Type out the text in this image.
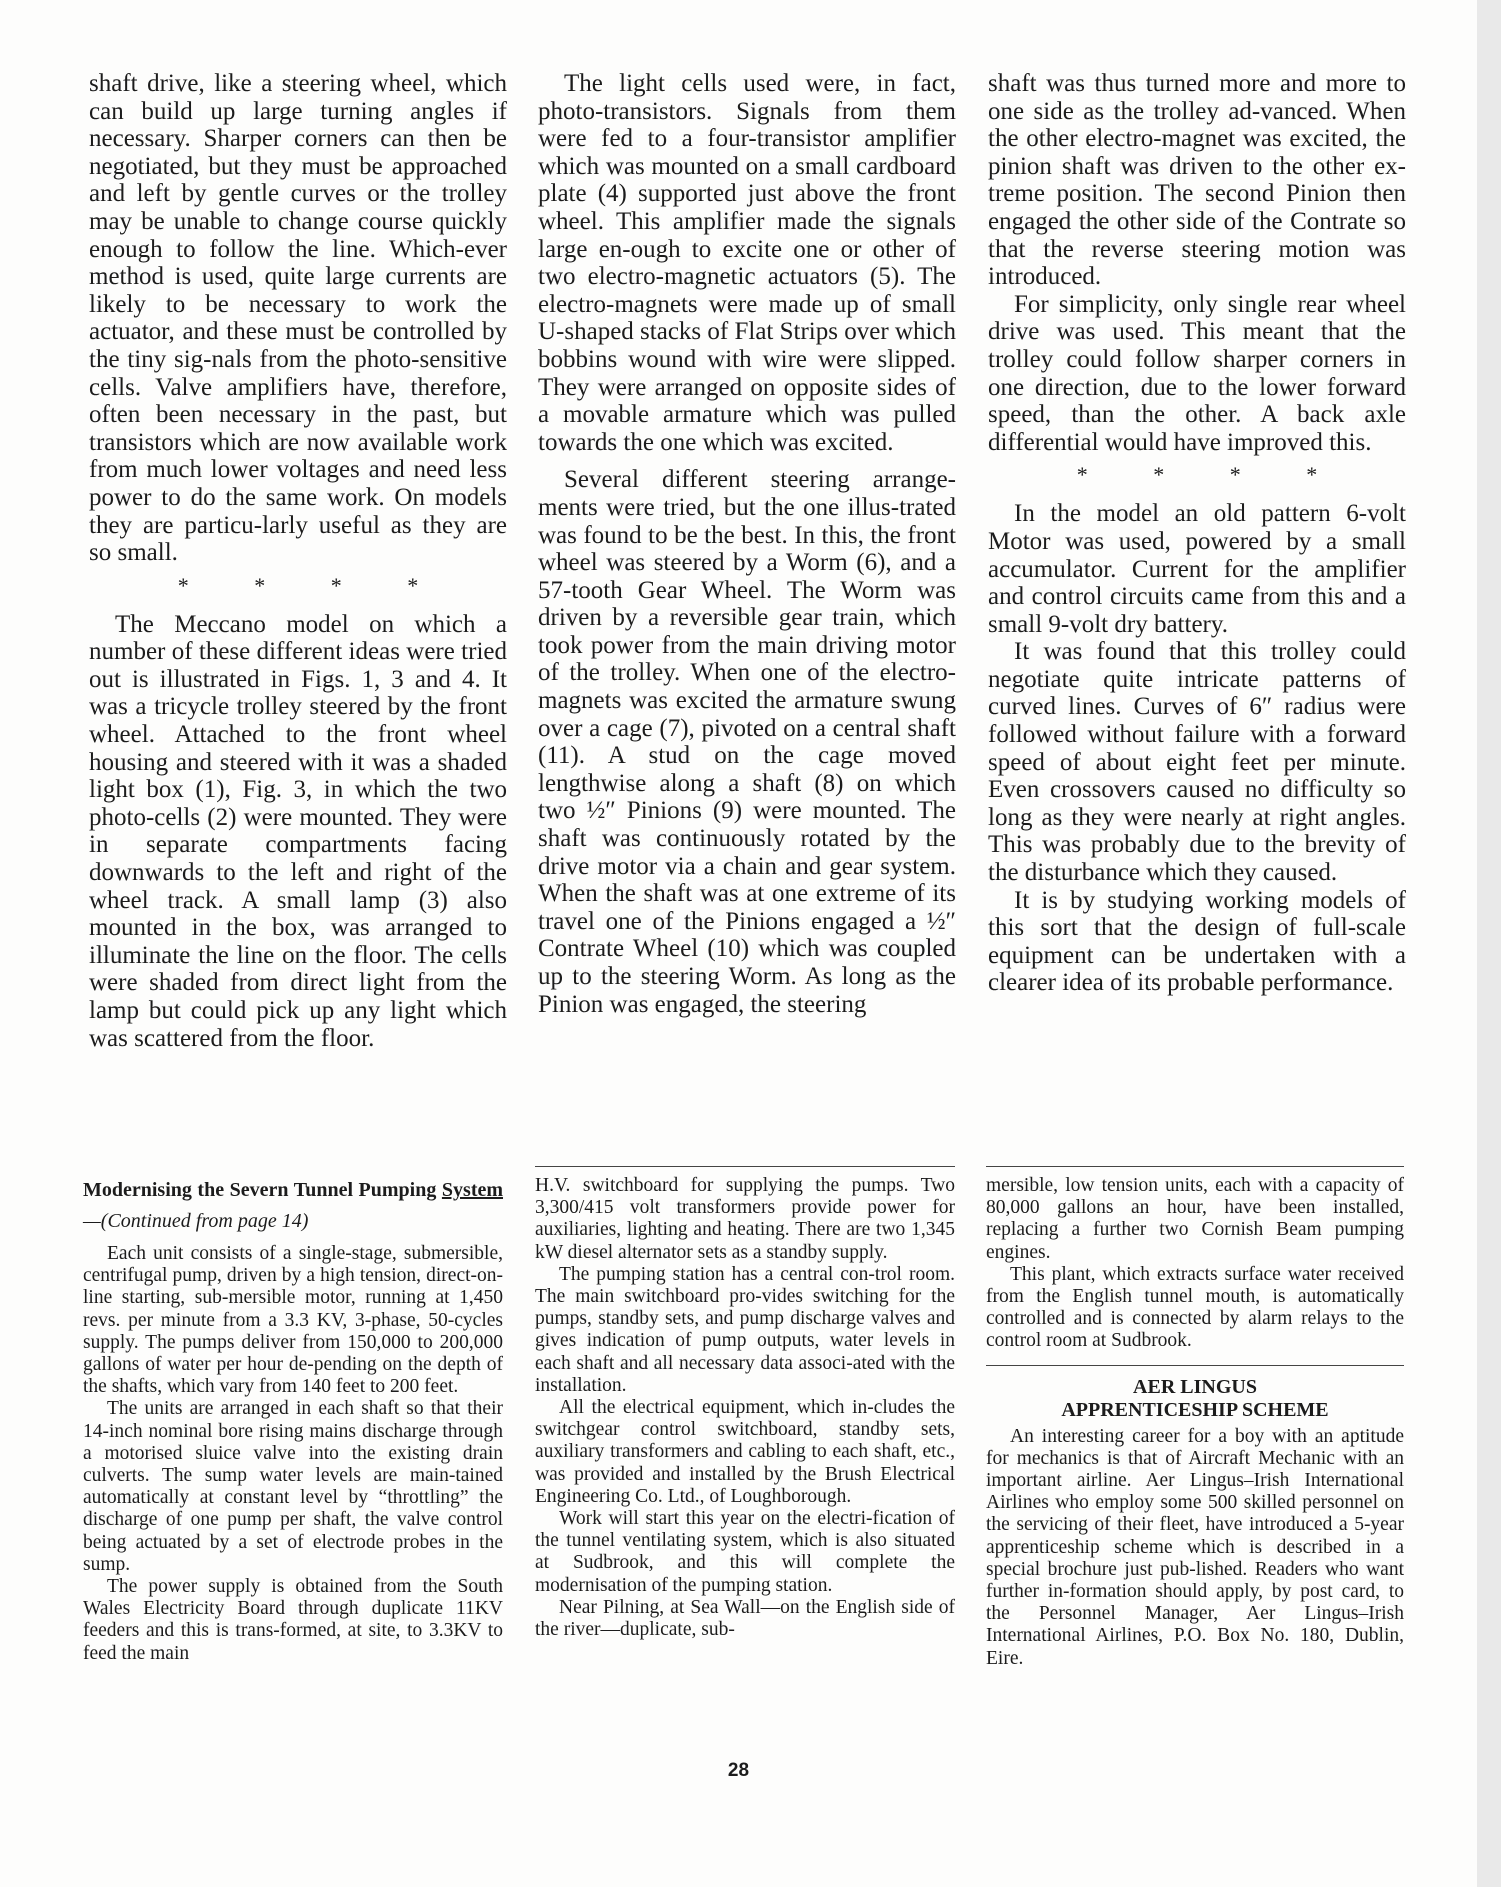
shaft drive, like a steering wheel, which can build up large turning angles if necessary. Sharper corners can then be negotiated, but they must be approached and left by gentle curves or the trolley may be unable to change course quickly enough to follow the line. Which-ever method is used, quite large currents are likely to be necessary to work the actuator, and these must be controlled by the tiny sig-nals from the photo-sensitive cells. Valve amplifiers have, therefore, often been necessary in the past, but transistors which are now available work from much lower voltages and need less power to do the same work. On models they are particu-larly useful as they are so small.

* * * *

The Meccano model on which a number of these different ideas were tried out is illustrated in Figs. 1, 3 and 4. It was a tricycle trolley steered by the front wheel. Attached to the front wheel housing and steered with it was a shaded light box (1), Fig. 3, in which the two photo-cells (2) were mounted. They were in separate compartments facing downwards to the left and right of the wheel track. A small lamp (3) also mounted in the box, was arranged to illuminate the line on the floor. The cells were shaded from direct light from the lamp but could pick up any light which was scattered from the floor.

The light cells used were, in fact, photo-transistors. Signals from them were fed to a four-transistor amplifier which was mounted on a small cardboard plate (4) supported just above the front wheel. This amplifier made the signals large en-ough to excite one or other of two electro-magnetic actuators (5). The electro-magnets were made up of small U-shaped stacks of Flat Strips over which bobbins wound with wire were slipped. They were arranged on opposite sides of a movable armature which was pulled towards the one which was excited.

Several different steering arrange-ments were tried, but the one illus-trated was found to be the best. In this, the front wheel was steered by a Worm (6), and a 57-tooth Gear Wheel. The Worm was driven by a reversible gear train, which took power from the main driving motor of the trolley. When one of the electro-magnets was excited the armature swung over a cage (7), pivoted on a central shaft (11). A stud on the cage moved lengthwise along a shaft (8) on which two ½″ Pinions (9) were mounted. The shaft was continuously rotated by the drive motor via a chain and gear system. When the shaft was at one extreme of its travel one of the Pinions engaged a ½″ Contrate Wheel (10) which was coupled up to the steering Worm. As long as the Pinion was engaged, the steering

shaft was thus turned more and more to one side as the trolley ad-vanced. When the other electro-magnet was excited, the pinion shaft was driven to the other ex-treme position. The second Pinion then engaged the other side of the Contrate so that the reverse steering motion was introduced.

For simplicity, only single rear wheel drive was used. This meant that the trolley could follow sharper corners in one direction, due to the lower forward speed, than the other. A back axle differential would have improved this.

* * * *

In the model an old pattern 6-volt Motor was used, powered by a small accumulator. Current for the amplifier and control circuits came from this and a small 9-volt dry battery.

It was found that this trolley could negotiate quite intricate patterns of curved lines. Curves of 6″ radius were followed without failure with a forward speed of about eight feet per minute. Even crossovers caused no difficulty so long as they were nearly at right angles. This was probably due to the brevity of the disturbance which they caused.

It is by studying working models of this sort that the design of full-scale equipment can be undertaken with a clearer idea of its probable performance.

Modernising the Severn Tunnel Pumping System—(Continued from page 14)

Each unit consists of a single-stage, submersible, centrifugal pump, driven by a high tension, direct-on-line starting, sub-mersible motor, running at 1,450 revs. per minute from a 3.3 KV, 3-phase, 50-cycles supply. The pumps deliver from 150,000 to 200,000 gallons of water per hour de-pending on the depth of the shafts, which vary from 140 feet to 200 feet.

The units are arranged in each shaft so that their 14-inch nominal bore rising mains discharge through a motorised sluice valve into the existing drain culverts. The sump water levels are main-tained automatically at constant level by “throttling” the discharge of one pump per shaft, the valve control being actuated by a set of electrode probes in the sump.

The power supply is obtained from the South Wales Electricity Board through duplicate 11KV feeders and this is trans-formed, at site, to 3.3KV to feed the main

H.V. switchboard for supplying the pumps. Two 3,300/415 volt transformers provide power for auxiliaries, lighting and heating. There are two 1,345 kW diesel alternator sets as a standby supply.

The pumping station has a central con-trol room. The main switchboard pro-vides switching for the pumps, standby sets, and pump discharge valves and gives indication of pump outputs, water levels in each shaft and all necessary data associ-ated with the installation.

All the electrical equipment, which in-cludes the switchgear control switchboard, standby sets, auxiliary transformers and cabling to each shaft, etc., was provided and installed by the Brush Electrical Engineering Co. Ltd., of Loughborough.

Work will start this year on the electri-fication of the tunnel ventilating system, which is also situated at Sudbrook, and this will complete the modernisation of the pumping station.

Near Pilning, at Sea Wall—on the English side of the river—duplicate, sub-

mersible, low tension units, each with a capacity of 80,000 gallons an hour, have been installed, replacing a further two Cornish Beam pumping engines.

This plant, which extracts surface water received from the English tunnel mouth, is automatically controlled and is connected by alarm relays to the control room at Sudbrook.

AER LINGUS
APPRENTICESHIP SCHEME

An interesting career for a boy with an aptitude for mechanics is that of Aircraft Mechanic with an important airline. Aer Lingus–Irish International Airlines who employ some 500 skilled personnel on the servicing of their fleet, have introduced a 5-year apprenticeship scheme which is described in a special brochure just pub-lished. Readers who want further in-formation should apply, by post card, to the Personnel Manager, Aer Lingus–Irish International Airlines, P.O. Box No. 180, Dublin, Eire.

28
